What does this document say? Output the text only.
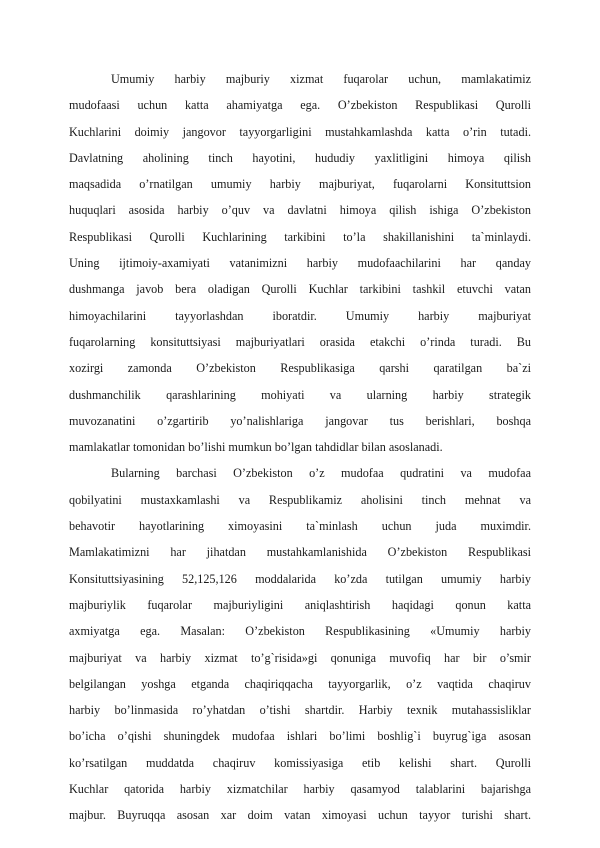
Umumiy harbiy majburiy xizmat fuqarolar uchun, mamlakatimiz
mudofaasi uchun katta ahamiyatga ega. O’zbekiston Respublikasi Qurolli
Kuchlarini doimiy jangovor tayyorgarligini mustahkamlashda katta o’rin tutadi.
Davlatning aholining tinch hayotini, hududiy yaxlitligini himoya qilish
maqsadida o’rnatilgan umumiy harbiy majburiyat, fuqarolarni Konsituttsion
huquqlari asosida harbiy o’quv va davlatni himoya qilish ishiga O’zbekiston
Respublikasi Qurolli Kuchlarining tarkibini to’la shakillanishini ta`minlaydi.
Uning ijtimoiy-axamiyati vatanimizni harbiy mudofaachilarini har qanday
dushmanga javob bera oladigan Qurolli Kuchlar tarkibini tashkil etuvchi vatan
himoyachilarini tayyorlashdan iboratdir. Umumiy harbiy majburiyat
fuqarolarning konsituttsiyasi majburiyatlari orasida etakchi o’rinda turadi. Bu
xozirgi zamonda O’zbekiston Respublikasiga qarshi qaratilgan ba`zi
dushmanchilik qarashlarining mohiyati va ularning harbiy strategik
muvozanatini o’zgartirib yo’nalishlariga jangovar tus berishlari, boshqa
mamlakatlar tomonidan bo’lishi mumkun bo’lgan tahdidlar bilan asoslanadi.
Bularning barchasi O’zbekiston o’z mudofaa qudratini va mudofaa
qobilyatini mustaxkamlashi va Respublikamiz aholisini tinch mehnat va
behavotir hayotlarining ximoyasini ta`minlash uchun juda muximdir.
Mamlakatimizni har jihatdan mustahkamlanishida O’zbekiston Respublikasi
Konsituttsiyasining 52,125,126 moddalarida ko’zda tutilgan umumiy harbiy
majburiylik fuqarolar majburiyligini aniqlashtirish haqidagi qonun katta
axmiyatga ega. Masalan: O’zbekiston Respublikasining «Umumiy harbiy
majburiyat va harbiy xizmat to’g`risida»gi qonuniga muvofiq har bir o’smir
belgilangan yoshga etganda chaqiriqqacha tayyorgarlik, o’z vaqtida chaqiruv
harbiy bo’linmasida ro’yhatdan o’tishi shartdir. Harbiy texnik mutahassisliklar
bo’icha o’qishi shuningdek mudofaa ishlari bo’limi boshlig`i buyrug`iga asosan
ko’rsatilgan muddatda chaqiruv komissiyasiga etib kelishi shart. Qurolli
Kuchlar qatorida harbiy xizmatchilar harbiy qasamyod talablarini bajarishga
majbur. Buyruqqa asosan xar doim vatan ximoyasi uchun tayyor turishi shart.
